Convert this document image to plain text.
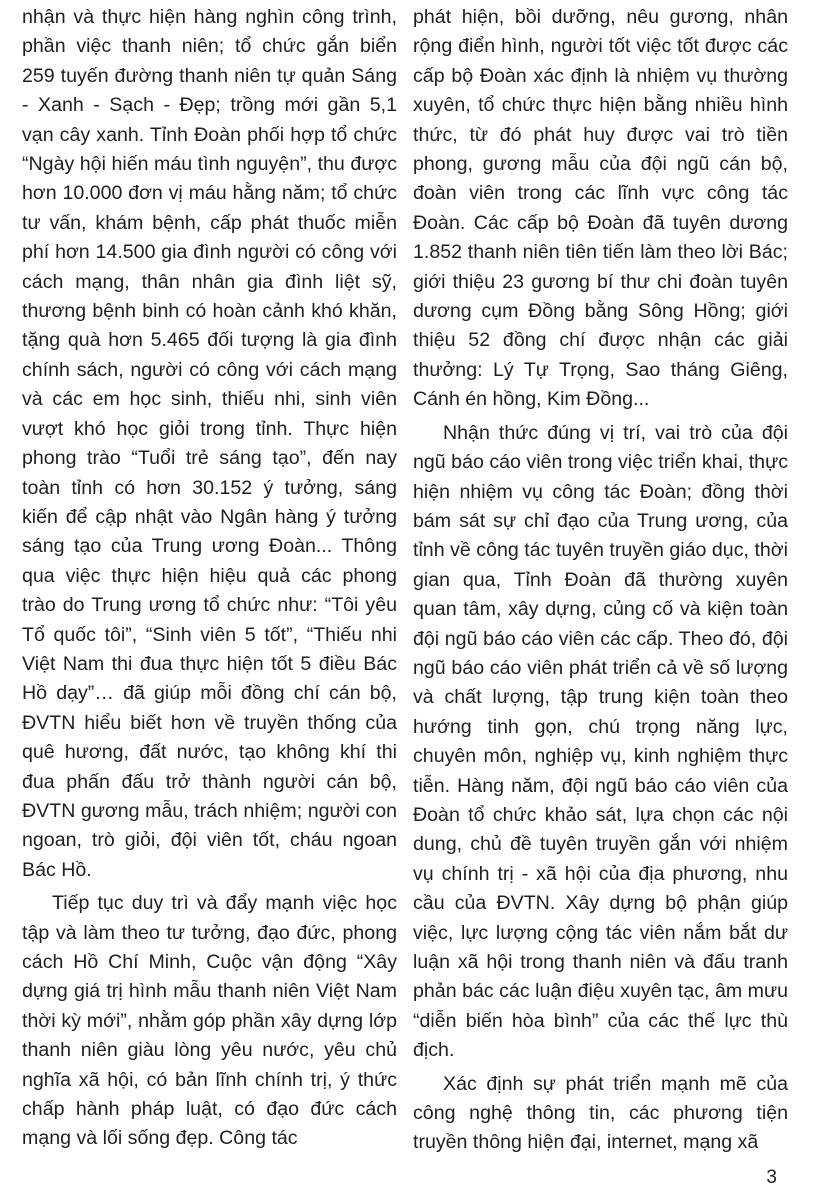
nhận và thực hiện hàng nghìn công trình, phần việc thanh niên; tổ chức gắn biển 259 tuyến đường thanh niên tự quản Sáng - Xanh - Sạch - Đẹp; trồng mới gần 5,1 vạn cây xanh. Tỉnh Đoàn phối hợp tổ chức “Ngày hội hiến máu tình nguyện”, thu được hơn 10.000 đơn vị máu hằng năm; tổ chức tư vấn, khám bệnh, cấp phát thuốc miễn phí hơn 14.500 gia đình người có công với cách mạng, thân nhân gia đình liệt sỹ, thương bệnh binh có hoàn cảnh khó khăn, tặng quà hơn 5.465 đối tượng là gia đình chính sách, người có công với cách mạng và các em học sinh, thiếu nhi, sinh viên vượt khó học giỏi trong tỉnh. Thực hiện phong trào “Tuổi trẻ sáng tạo”, đến nay toàn tỉnh có hơn 30.152 ý tưởng, sáng kiến để cập nhật vào Ngân hàng ý tưởng sáng tạo của Trung ương Đoàn... Thông qua việc thực hiện hiệu quả các phong trào do Trung ương tổ chức như: “Tôi yêu Tổ quốc tôi”, “Sinh viên 5 tốt”, “Thiếu nhi Việt Nam thi đua thực hiện tốt 5 điều Bác Hồ dạy”… đã giúp mỗi đồng chí cán bộ, ĐVTN hiểu biết hơn về truyền thống của quê hương, đất nước, tạo không khí thi đua phấn đấu trở thành người cán bộ, ĐVTN gương mẫu, trách nhiệm; người con ngoan, trò giỏi, đội viên tốt, cháu ngoan Bác Hồ.

Tiếp tục duy trì và đẩy mạnh việc học tập và làm theo tư tưởng, đạo đức, phong cách Hồ Chí Minh, Cuộc vận động “Xây dựng giá trị hình mẫu thanh niên Việt Nam thời kỳ mới”, nhằm góp phần xây dựng lớp thanh niên giàu lòng yêu nước, yêu chủ nghĩa xã hội, có bản lĩnh chính trị, ý thức chấp hành pháp luật, có đạo đức cách mạng và lối sống đẹp. Công tác

phát hiện, bồi dưỡng, nêu gương, nhân rộng điển hình, người tốt việc tốt được các cấp bộ Đoàn xác định là nhiệm vụ thường xuyên, tổ chức thực hiện bằng nhiều hình thức, từ đó phát huy được vai trò tiền phong, gương mẫu của đội ngũ cán bộ, đoàn viên trong các lĩnh vực công tác Đoàn. Các cấp bộ Đoàn đã tuyên dương 1.852 thanh niên tiên tiến làm theo lời Bác; giới thiệu 23 gương bí thư chi đoàn tuyên dương cụm Đồng bằng Sông Hồng; giới thiệu 52 đồng chí được nhận các giải thưởng: Lý Tự Trọng, Sao tháng Giêng, Cánh én hồng, Kim Đồng...

Nhận thức đúng vị trí, vai trò của đội ngũ báo cáo viên trong việc triển khai, thực hiện nhiệm vụ công tác Đoàn; đồng thời bám sát sự chỉ đạo của Trung ương, của tỉnh về công tác tuyên truyền giáo dục, thời gian qua, Tỉnh Đoàn đã thường xuyên quan tâm, xây dựng, củng cố và kiện toàn đội ngũ báo cáo viên các cấp. Theo đó, đội ngũ báo cáo viên phát triển cả về số lượng và chất lượng, tập trung kiện toàn theo hướng tinh gọn, chú trọng năng lực, chuyên môn, nghiệp vụ, kinh nghiệm thực tiễn. Hàng năm, đội ngũ báo cáo viên của Đoàn tổ chức khảo sát, lựa chọn các nội dung, chủ đề tuyên truyền gắn với nhiệm vụ chính trị - xã hội của địa phương, nhu cầu của ĐVTN. Xây dựng bộ phận giúp việc, lực lượng cộng tác viên nắm bắt dư luận xã hội trong thanh niên và đấu tranh phản bác các luận điệu xuyên tạc, âm mưu “diễn biến hòa bình” của các thế lực thù địch.

Xác định sự phát triển mạnh mẽ của công nghệ thông tin, các phương tiện truyền thông hiện đại, internet, mạng xã

3
